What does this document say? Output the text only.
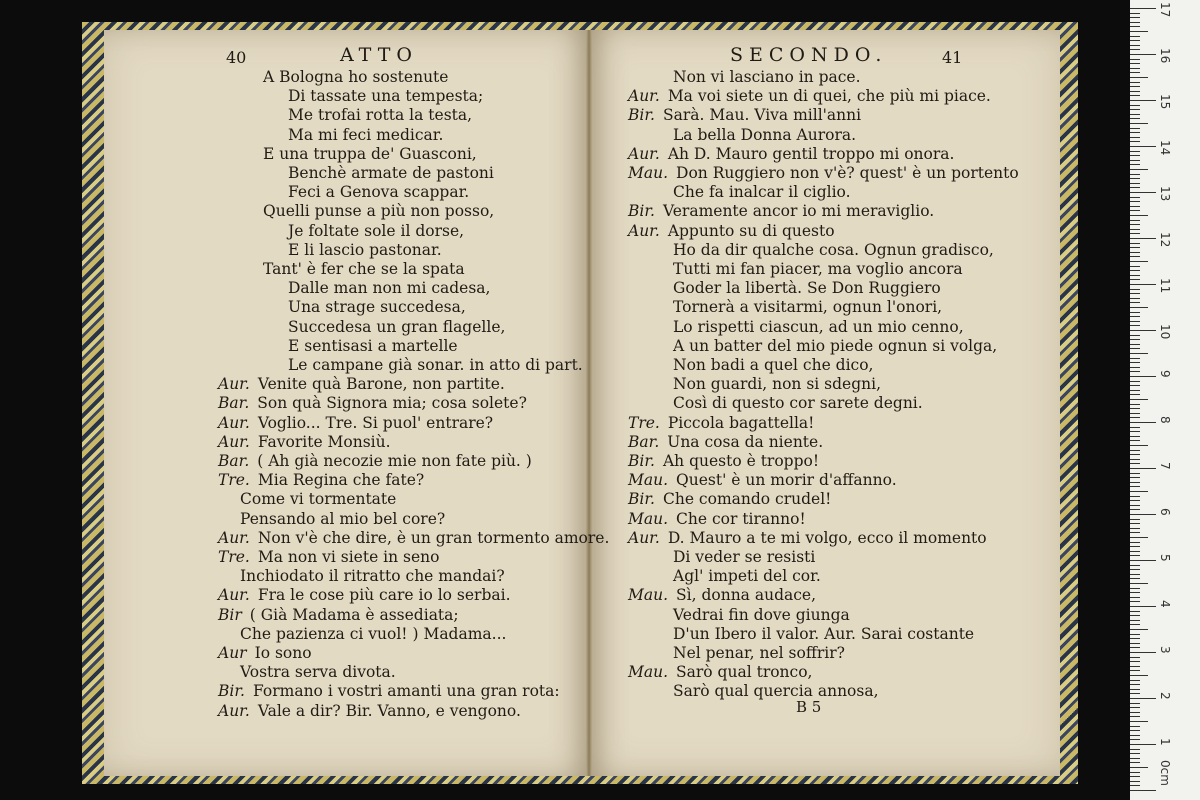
40	ATTO	SECONDO.	41
A Bologna ho sostenute
Di tassate una tempesta;
Me trofai rotta la testa,
Ma mi feci medicar.
E una truppa de' Guasconi,
Benchè armate de pastoni
Feci a Genova scappar.
Quelli punse a più non posso,
Je foltate sole il dorse,
E li lascio pastonar.
Tant' è fer che se la spata
Dalle man non mi cadesa,
Una strage succedesa,
Succedesa un gran flagelle,
E sentisasi a martelle
Le campane già sonar. in atto di part.
Aur. Venite quà Barone, non partite.
Bar. Son quà Signora mia; cosa solete?
Aur. Voglio... Tre. Si puol' entrare?
Aur. Favorite Monsiù.
Bar. ( Ah già necozie mie non fate più. )
Tre. Mia Regina che fate?
Come vi tormentate
Pensando al mio bel core?
Aur. Non v'è che dire, è un gran tormento amore.
Tre. Ma non vi siete in seno
Inchiodato il ritratto che mandai?
Aur. Fra le cose più care io lo serbai.
Bir ( Già Madama è assediata;
Che pazienza ci vuol! ) Madama...
Aur Io sono
Vostra serva divota.
Bir. Formano i vostri amanti una gran rota:
Aur. Vale a dir? Bir. Vanno, e vengono.
Non vi lasciano in pace.
Aur. Ma voi siete un di quei, che più mi piace.
Bir. Sarà. Mau. Viva mill'anni
La bella Donna Aurora.
Aur. Ah D. Mauro gentil troppo mi onora.
Mau. Don Ruggiero non v'è? quest' è un portento
Che fa inalcar il ciglio.
Bir. Veramente ancor io mi meraviglio.
Aur. Appunto su di questo
Ho da dir qualche cosa. Ognun gradisco,
Tutti mi fan piacer, ma voglio ancora
Goder la libertà. Se Don Ruggiero
Tornerà a visitarmi, ognun l'onori,
Lo rispetti ciascun, ad un mio cenno,
A un batter del mio piede ognun si volga,
Non badi a quel che dico,
Non guardi, non si sdegni,
Così di questo cor sarete degni.
Tre. Piccola bagattella!
Bar. Una cosa da niente.
Bir. Ah questo è troppo!
Mau. Quest' è un morir d'affanno.
Bir. Che comando crudel!
Mau. Che cor tiranno!
Aur. D. Mauro a te mi volgo, ecco il momento
Di veder se resisti
Agl' impeti del cor.
Mau. Sì, donna audace,
Vedrai fin dove giunga
D'un Ibero il valor. Aur. Sarai costante
Nel penar, nel soffrir?
Mau. Sarò qual tronco,
Sarò qual quercia annosa,
B 5
0cm
1
2
3
4
5
6
7
8
9
10
11
12
13
14
15
16
17
